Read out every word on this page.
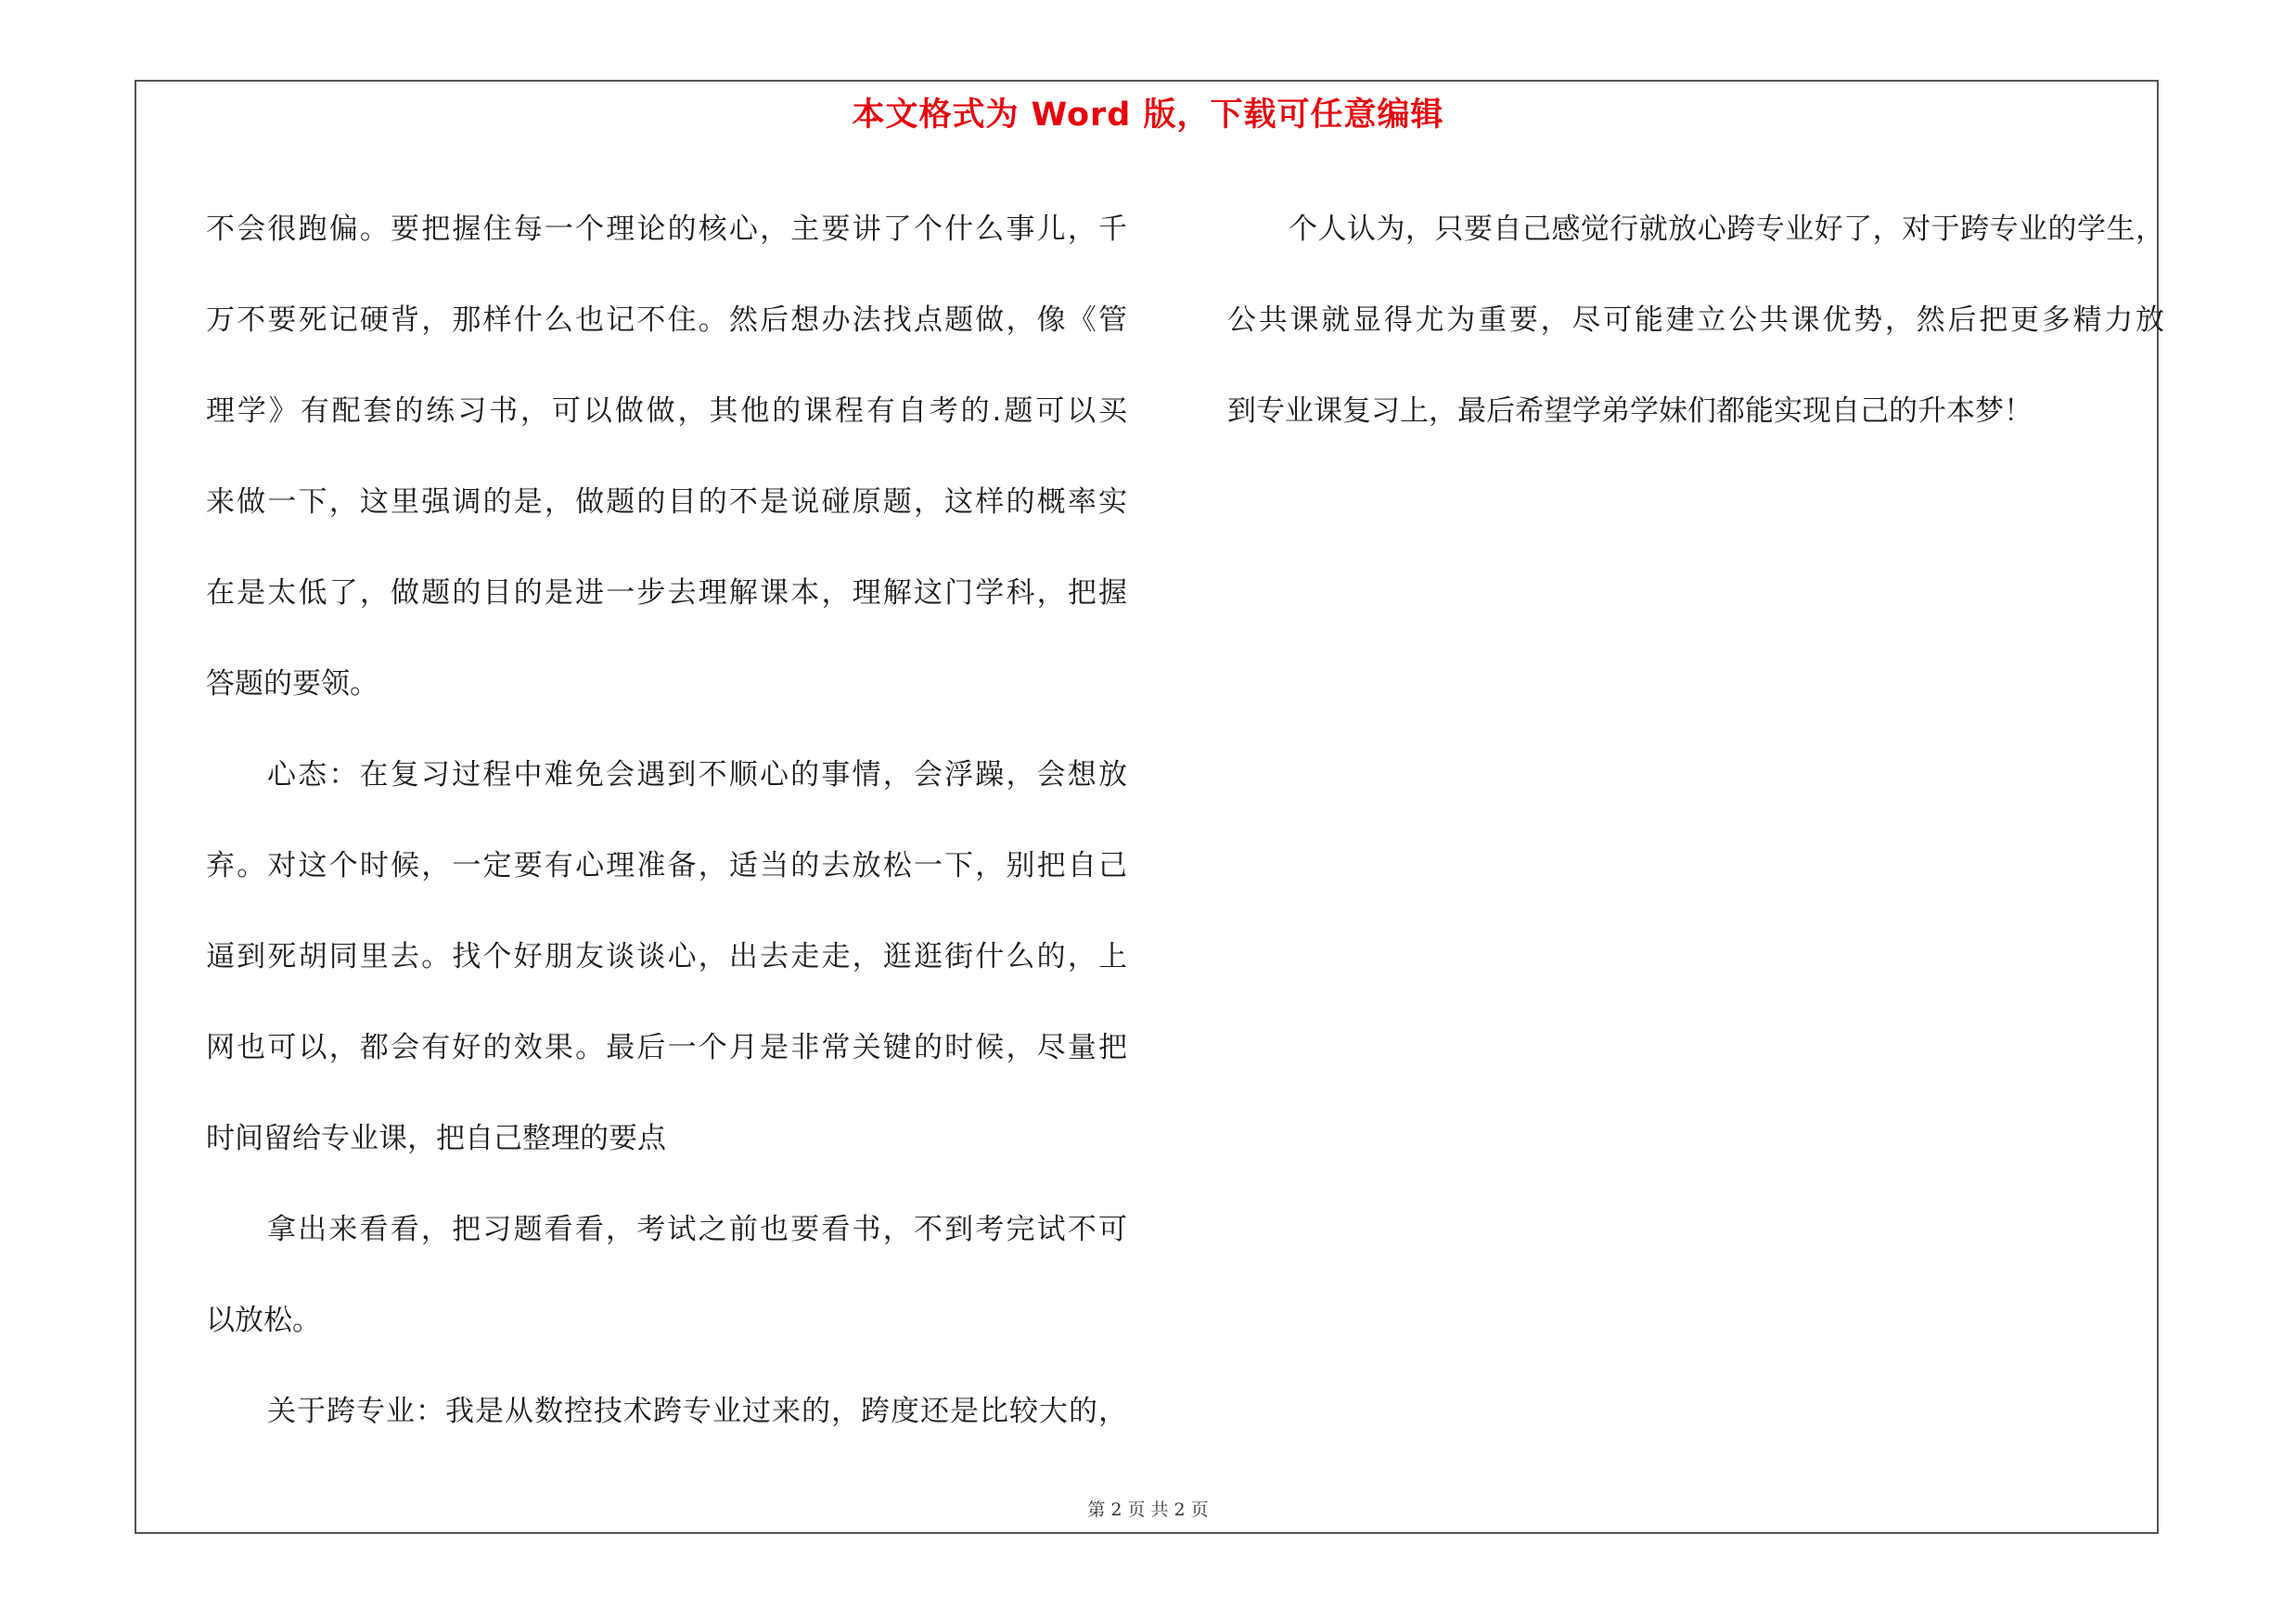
本文格式为 Word 版，下载可任意编辑
不会很跑偏。要把握住每一个理论的核心，主要讲了个什么事儿，千
万不要死记硬背，那样什么也记不住。然后想办法找点题做，像《管
理学》有配套的练习书，可以做做，其他的课程有自考的.题可以买
来做一下，这里强调的是，做题的目的不是说碰原题，这样的概率实
在是太低了，做题的目的是进一步去理解课本，理解这门学科，把握
答题的要领。
心态：在复习过程中难免会遇到不顺心的事情，会浮躁，会想放
弃。对这个时候，一定要有心理准备，适当的去放松一下，别把自己
逼到死胡同里去。找个好朋友谈谈心，出去走走，逛逛街什么的，上
网也可以，都会有好的效果。最后一个月是非常关键的时候，尽量把
时间留给专业课，把自己整理的要点
拿出来看看，把习题看看，考试之前也要看书，不到考完试不可
以放松。
关于跨专业：我是从数控技术跨专业过来的，跨度还是比较大的，
个人认为，只要自己感觉行就放心跨专业好了，对于跨专业的学生，
公共课就显得尤为重要，尽可能建立公共课优势，然后把更多精力放
到专业课复习上，最后希望学弟学妹们都能实现自己的升本梦！
第 2 页 共 2 页
